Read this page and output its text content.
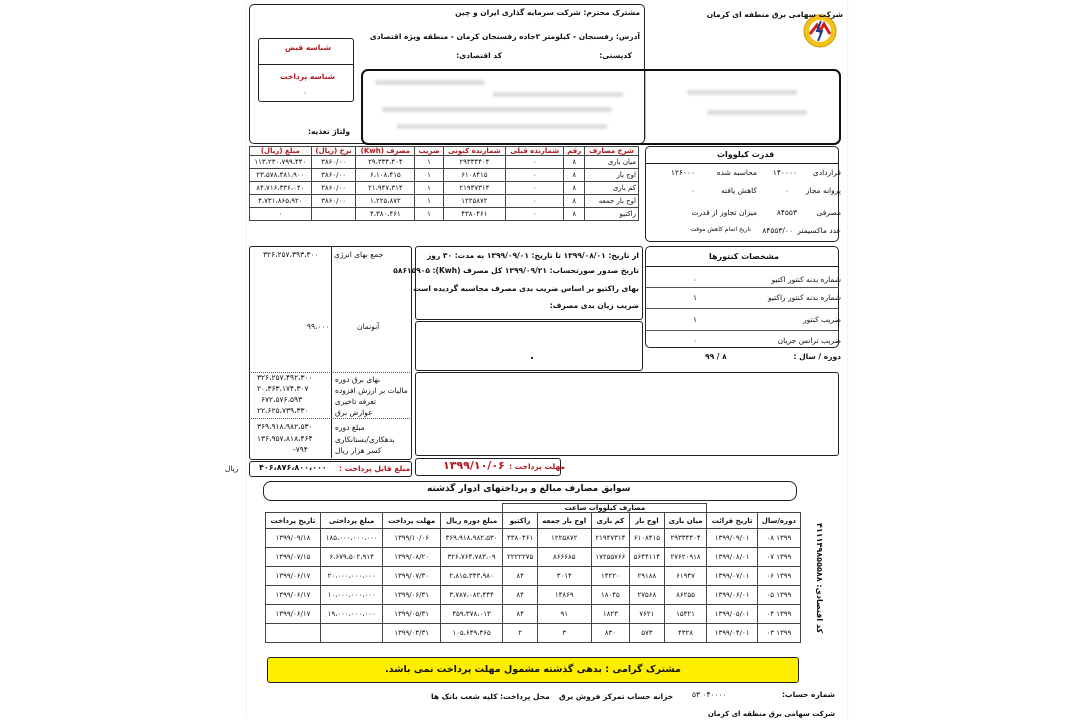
شرکت سهامی برق منطقه ای کرمان
مشترک محترم: شرکت سرمایه گذاری ایران و چین
آدرس: رفسنجان - کیلومتر ۲جاده رفسنجان کرمان - منطقه ویژه اقتصادی
کدپستی:
کد اقتصادی:
ولتاژ تغذیه:
شناسه قبض
شناسه پرداخت
۰
شرح مصارف	رقم	شمارنده قبلی	شمارنده کنونی	ضریب	مصرف (Kwh)	نرخ (ریال)	مبلغ (ریال)
میان باری	۸	۰	۲۹۳۳۴۴۰۴	۱	۲۹،۳۳۴،۴۰۴	۳۸۶۰/۰۰	۱۱۳،۲۳۰،۷۹۹،۴۴۰
اوج بار	۸	۰	۶۱۰۸۴۱۵	۱	۶،۱۰۸،۴۱۵	۳۸۶۰/۰۰	۲۳،۵۷۸،۴۸۱،۹۰۰
کم باری	۸	۰	۲۱۹۴۷۳۱۴	۱	۲۱،۹۴۷،۳۱۴	۳۸۶۰/۰۰	۸۴،۷۱۶،۳۳۶،۰۴۰
اوج بار جمعه	۸	۰	۱۲۲۵۸۷۲	۱	۱،۲۲۵،۸۷۲	۳۸۶۰/۰۰	۴،۷۳۱،۸۶۵،۹۲۰
راکتیو	۸	۰	۴۳۸۰۴۶۱	۱	۴،۳۸۰،۴۶۱		۰
قدرت کیلووات
قراردادی
۱۴۰۰۰۰
محاسبه شده
۱۲۶۰۰۰
پروانه مجاز
۰
کاهش یافته
۰
مصرفی
۸۴۵۵۳
میزان تجاوز از قدرت
عدد ماکسیمتر
۸۴۵۵۳/۰۰
تاریخ اتمام کاهش موقت
جمع بهای انرژی
۳۲۶،۲۵۷،۳۹۳،۳۰۰
آبونمان
۹۹،۰۰۰
بهای برق دوره
۳۲۶،۲۵۷،۴۹۲،۳۰۰
مالیات بر ارزش افزوده
۲۰،۳۶۳،۱۷۴،۳۰۷
تعرفه تاخیری
۶۷۲،۵۷۶،۵۹۳
عوارض برق
۲۲،۶۲۵،۷۳۹،۳۳۰
مبلغ دوره
۳۶۹،۹۱۸،۹۸۲،۵۳۰
بدهکاری/بستانکاری
۱۳۶،۹۵۷،۸۱۸،۴۶۴
کسر هزار ریال
-۷۹۴
مبلغ قابل پرداخت :
۴۰۶،۸۷۶،۸۰۰،۰۰۰
ریال	مهلت پرداخت :
۱۳۹۹/۱۰/۰۶
از تاریخ: ۱۳۹۹/۰۸/۰۱ تا تاریخ: ۱۳۹۹/۰۹/۰۱ به مدت: ۳۰ روز
تاریخ صدور صورتحساب: ۱۳۹۹/۰۹/۲۱ کل مصرف (Kwh): ۵۸۶۱۵۹۰۵
بهای راکتیو بر اساس ضریب بدی مصرف محاسبه گردیده است
ضریب زیان بدی مصرف:
مشخصات کنتورها
شماره بدنه کنتور اکتیو
۰
شماره بدنه کنتور راکتیو
۱
ضریب کنتور
۱
ضریب ترانس جریان
۰
دوره / سال :
۸ / ۹۹
سوابق مصارف مبالغ و پرداختهای ادوار گذشته
		مصارف کیلووات ساعت								
دوره/سال	تاریخ قرائت	میان باری	اوج بار	کم باری	اوج بار جمعه	راکتیو	مبلغ دوره ریال	مهلت پرداخت	مبلغ پرداختی	تاریخ پرداخت
۱۳۹۹ ۰۸	۱۳۹۹/۰۹/۰۱	۲۹۳۳۴۴۰۴	۶۱۰۸۴۱۵	۲۱۹۴۷۳۱۴	۱۲۲۵۸۷۲	۴۳۸۰۴۶۱	۳۶۹،۹۱۸،۹۸۲،۵۳۰	۱۳۹۹/۱۰/۰۶	۱۸۵،۰۰۰،۰۰۰،۰۰۰	۱۳۹۹/۰۹/۱۸
۱۳۹۹ ۰۷	۱۳۹۹/۰۸/۰۱	۲۷۶۲۰۹۱۸	۵۶۴۴۱۱۴	۱۷۲۵۵۷۶۶	۸۶۶۶۸۵	۲۲۲۲۲۷۵	۳۲۶،۷۶۴،۷۸۳،۰۹	۱۳۹۹/۰۸/۲۰	۶،۶۷۹،۵۰۲،۹۱۴	۱۳۹۹/۰۷/۱۵
۱۳۹۹ ۰۶	۱۳۹۹/۰۷/۰۱	۶۱۹۴۷	۲۹۱۸۸	۱۴۲۲۰	۳۰۱۴	۸۴	۲،۸۱۵،۳۴۳،۹۸۰	۱۳۹۹/۰۷/۳۰	۲۰،۰۰۰،۰۰۰،۰۰۰	۱۳۹۹/۰۶/۱۷
۱۳۹۹ ۰۵	۱۳۹۹/۰۶/۰۱	۸۶۲۵۵	۲۷۵۶۸	۱۸۰۴۵	۱۴۸۶۹	۸۴	۳،۷۸۷،۰۸۲،۴۴۴	۱۳۹۹/۰۶/۳۱	۱۰،۰۰۰،۰۰۰،۰۰۰	۱۳۹۹/۰۶/۱۷
۱۳۹۹ ۰۴	۱۳۹۹/۰۵/۰۱	۱۵۴۲۱	۷۶۲۱	۱۸۲۳	۹۱	۸۴	۴۵۹،۳۷۸،۰۱۳	۱۳۹۹/۰۵/۳۱	۱۹،۰۰۰،۰۰۰،۰۰۰	۱۳۹۹/۰۶/۱۷
۱۳۹۹ ۰۳	۱۳۹۹/۰۴/۰۱	۴۳۲۸	۵۷۳	۸۳۰	۳	۲	۱۰۵،۶۴۹،۴۶۵	۱۳۹۹/۰۴/۳۱			کد اقتصادی: ۴۱۱۱۴۹۸۵۵۵۸۸
مشترک گرامی : بدهی گذشته مشمول مهلت پرداخت نمی باشد.
شماره حساب:
۰۴۰۰۰۰ ۵۳
خزانه حساب تمرکز فروش برق
محل پرداخت: کلیه شعب بانک ها
شرکت سهامی برق منطقه ای کرمان
